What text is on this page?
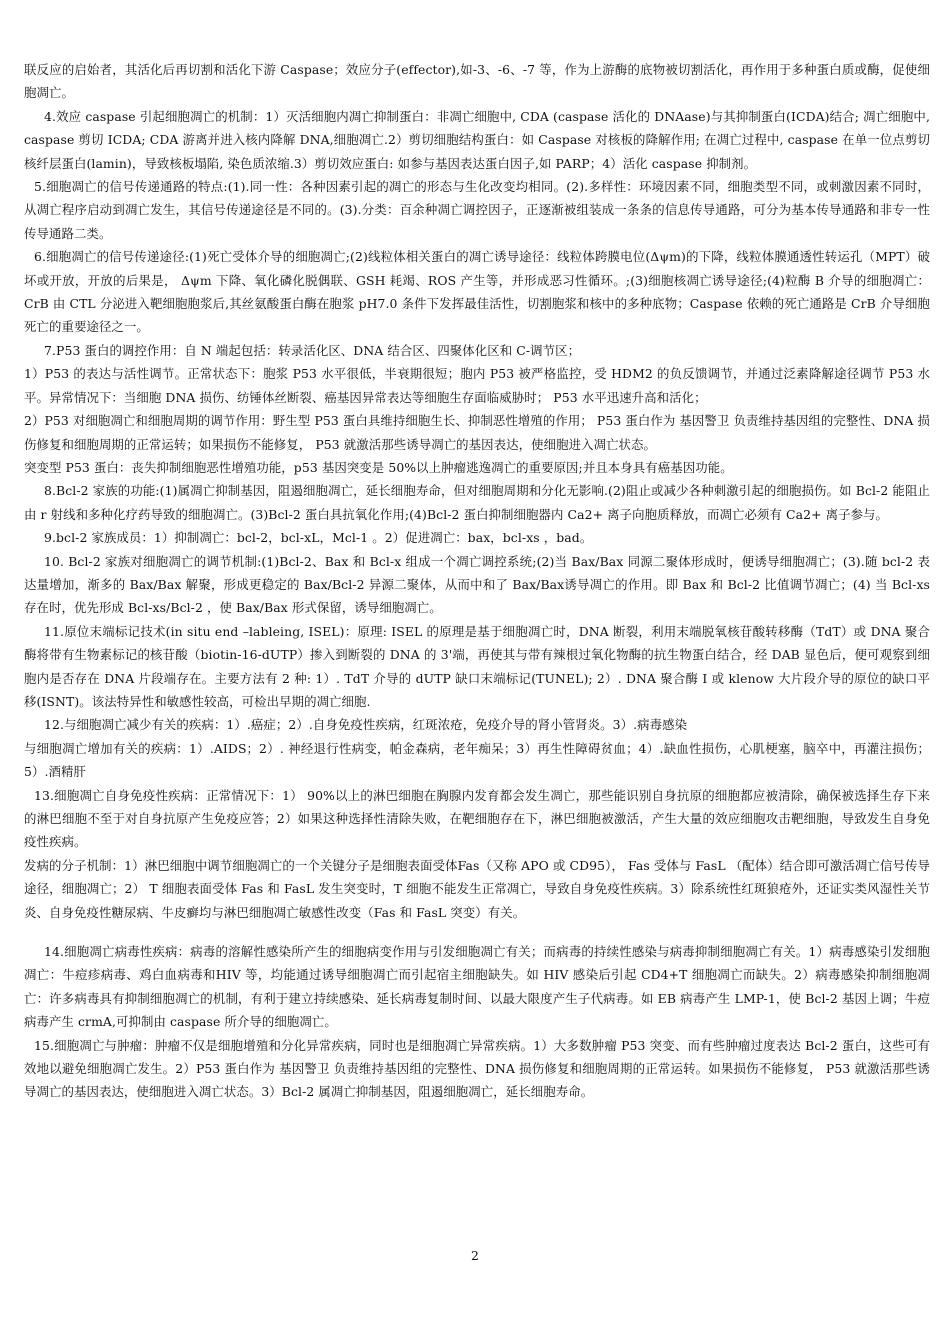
联反应的启始者，其活化后再切割和活化下游 Caspase；效应分子(effector),如-3、-6、-7 等，作为上游酶的底物被切割活化，再作用于多种蛋白质或酶，促使细胞凋亡。

4.效应 caspase 引起细胞凋亡的机制：1）灭活细胞内凋亡抑制蛋白：非凋亡细胞中, CDA (caspase 活化的 DNAase)与其抑制蛋白(ICDA)结合; 凋亡细胞中, caspase 剪切 ICDA; CDA 游离并进入核内降解 DNA,细胞凋亡.2）剪切细胞结构蛋白：如 Caspase 对核板的降解作用; 在凋亡过程中, caspase 在单一位点剪切核纤层蛋白(lamin)，导致核板塌陷, 染色质浓缩.3）剪切效应蛋白: 如参与基因表达蛋白因子,如 PARP；4）活化 caspase 抑制剂。

5.细胞凋亡的信号传递通路的特点:(1).同一性：各种因素引起的凋亡的形态与生化改变均相同。(2).多样性：环境因素不同，细胞类型不同，或刺激因素不同时，从凋亡程序启动到凋亡发生，其信号传递途径是不同的。(3).分类：百余种凋亡调控因子，正逐渐被组装成一条条的信息传导通路，可分为基本传导通路和非专一性传导通路二类。

6.细胞凋亡的信号传递途径:(1)死亡受体介导的细胞凋亡;(2)线粒体相关蛋白的凋亡诱导途径：线粒体跨膜电位(Δψm)的下降，线粒体膜通透性转运孔（MPT）破坏或开放，开放的后果是， Δψm 下降、氧化磷化脱偶联、GSH 耗竭、ROS 产生等，并形成恶习性循环。;(3)细胞核凋亡诱导途径;(4)粒酶 B 介导的细胞凋亡：CrB 由 CTL 分泌进入靶细胞胞浆后,其丝氨酸蛋白酶在胞浆 pH7.0 条件下发挥最佳活性，切割胞浆和核中的多种底物；Caspase 依赖的死亡通路是 CrB 介导细胞死亡的重要途径之一。

7.P53 蛋白的调控作用：自 N 端起包括：转录活化区、DNA 结合区、四聚体化区和 C-调节区；

1）P53 的表达与活性调节。正常状态下：胞浆 P53 水平很低，半衰期很短；胞内 P53 被严格监控，受 HDM2 的负反馈调节，并通过泛素降解途径调节 P53 水平。异常情况下：当细胞 DNA 损伤、纺锤体丝断裂、癌基因异常表达等细胞生存面临威胁时； P53 水平迅速升高和活化；

2）P53 对细胞凋亡和细胞周期的调节作用：野生型 P53 蛋白具维持细胞生长、抑制恶性增殖的作用； P53 蛋白作为 基因警卫 负责维持基因组的完整性、DNA 损伤修复和细胞周期的正常运转；如果损伤不能修复， P53 就激活那些诱导凋亡的基因表达，使细胞进入凋亡状态。

突变型 P53 蛋白：丧失抑制细胞恶性增殖功能，p53 基因突变是 50%以上肿瘤逃逸凋亡的重要原因;并且本身具有癌基因功能。

8.Bcl-2 家族的功能:(1)属凋亡抑制基因，阻遏细胞凋亡，延长细胞寿命，但对细胞周期和分化无影响.(2)阻止或减少各种刺激引起的细胞损伤。如 Bcl-2 能阻止由 r 射线和多种化疗药导致的细胞凋亡。(3)Bcl-2 蛋白具抗氧化作用;(4)Bcl-2 蛋白抑制细胞器内 Ca2+ 离子向胞质释放，而凋亡必须有 Ca2+ 离子参与。

9.bcl-2 家族成员：1）抑制凋亡：bcl-2，bcl-xL，Mcl-1 。2）促进凋亡：bax，bcl-xs ，bad。

10. Bcl-2 家族对细胞凋亡的调节机制:(1)Bcl-2、Bax 和 Bcl-x 组成一个凋亡调控系统;(2)当 Bax/Bax 同源二聚体形成时，便诱导细胞凋亡；(3).随 bcl-2 表达量增加，渐多的 Bax/Bax 解聚，形成更稳定的 Bax/Bcl-2 异源二聚体，从而中和了 Bax/Bax诱导凋亡的作用。即 Bax 和 Bcl-2 比值调节凋亡；(4) 当 Bcl-xs 存在时，优先形成 Bcl-xs/Bcl-2 ，使 Bax/Bax 形式保留，诱导细胞凋亡。

11.原位末端标记技术(in situ end –lableing, ISEL)：原理: ISEL 的原理是基于细胞凋亡时，DNA 断裂，利用末端脱氧核苷酸转移酶（TdT）或 DNA 聚合酶将带有生物素标记的核苷酸（biotin-16-dUTP）掺入到断裂的 DNA 的 3'端，再使其与带有辣根过氧化物酶的抗生物蛋白结合，经 DAB 显色后，便可观察到细胞内是否存在 DNA 片段端存在。主要方法有 2 种: 1）. TdT 介导的 dUTP 缺口末端标记(TUNEL); 2）. DNA 聚合酶 I 或 klenow 大片段介导的原位的缺口平移(ISNT)。该法特异性和敏感性较高，可检出早期的凋亡细胞.

12.与细胞凋亡减少有关的疾病：1）.癌症；2）.自身免疫性疾病，红斑浓疮，免疫介导的肾小管肾炎。3）.病毒感染

与细胞凋亡增加有关的疾病：1）.AIDS；2）. 神经退行性病变，帕金森病，老年痴呆；3）再生性障碍贫血；4）.缺血性损伤，心肌梗塞，脑卒中，再灌注损伤；5）.酒精肝

13.细胞凋亡自身免疫性疾病：正常情况下：1） 90%以上的淋巴细胞在胸腺内发育都会发生凋亡，那些能识别自身抗原的细胞都应被清除，确保被选择生存下来的淋巴细胞不至于对自身抗原产生免疫应答；2）如果这种选择性清除失败，在靶细胞存在下，淋巴细胞被激活，产生大量的效应细胞攻击靶细胞，导致发生自身免疫性疾病。

发病的分子机制：1）淋巴细胞中调节细胞凋亡的一个关键分子是细胞表面受体Fas（又称 APO 或 CD95）， Fas 受体与 FasL （配体）结合即可激活凋亡信号传导途径，细胞凋亡；2） T 细胞表面受体 Fas 和 FasL 发生突变时，T 细胞不能发生正常凋亡，导致自身免疫性疾病。3）除系统性红斑狼疮外，还证实类风湿性关节炎、自身免疫性糖尿病、牛皮癣均与淋巴细胞凋亡敏感性改变（Fas 和 FasL 突变）有关。

14.细胞凋亡病毒性疾病：病毒的溶解性感染所产生的细胞病变作用与引发细胞凋亡有关；而病毒的持续性感染与病毒抑制细胞凋亡有关。1）病毒感染引发细胞凋亡：牛痘疹病毒、鸡白血病毒和HIV 等，均能通过诱导细胞凋亡而引起宿主细胞缺失。如 HIV 感染后引起 CD4+T 细胞凋亡而缺失。2）病毒感染抑制细胞凋亡：许多病毒具有抑制细胞凋亡的机制，有利于建立持续感染、延长病毒复制时间、以最大限度产生子代病毒。如 EB 病毒产生 LMP-1，使 Bcl-2 基因上调；牛痘病毒产生 crmA,可抑制由 caspase 所介导的细胞凋亡。

15.细胞凋亡与肿瘤：肿瘤不仅是细胞增殖和分化异常疾病，同时也是细胞凋亡异常疾病。1）大多数肿瘤 P53 突变、而有些肿瘤过度表达 Bcl-2 蛋白，这些可有效地以避免细胞凋亡发生。2）P53 蛋白作为 基因警卫 负责维持基因组的完整性、DNA 损伤修复和细胞周期的正常运转。如果损伤不能修复， P53 就激活那些诱导凋亡的基因表达，使细胞进入凋亡状态。3）Bcl-2 属凋亡抑制基因，阻遏细胞凋亡，延长细胞寿命。

2
